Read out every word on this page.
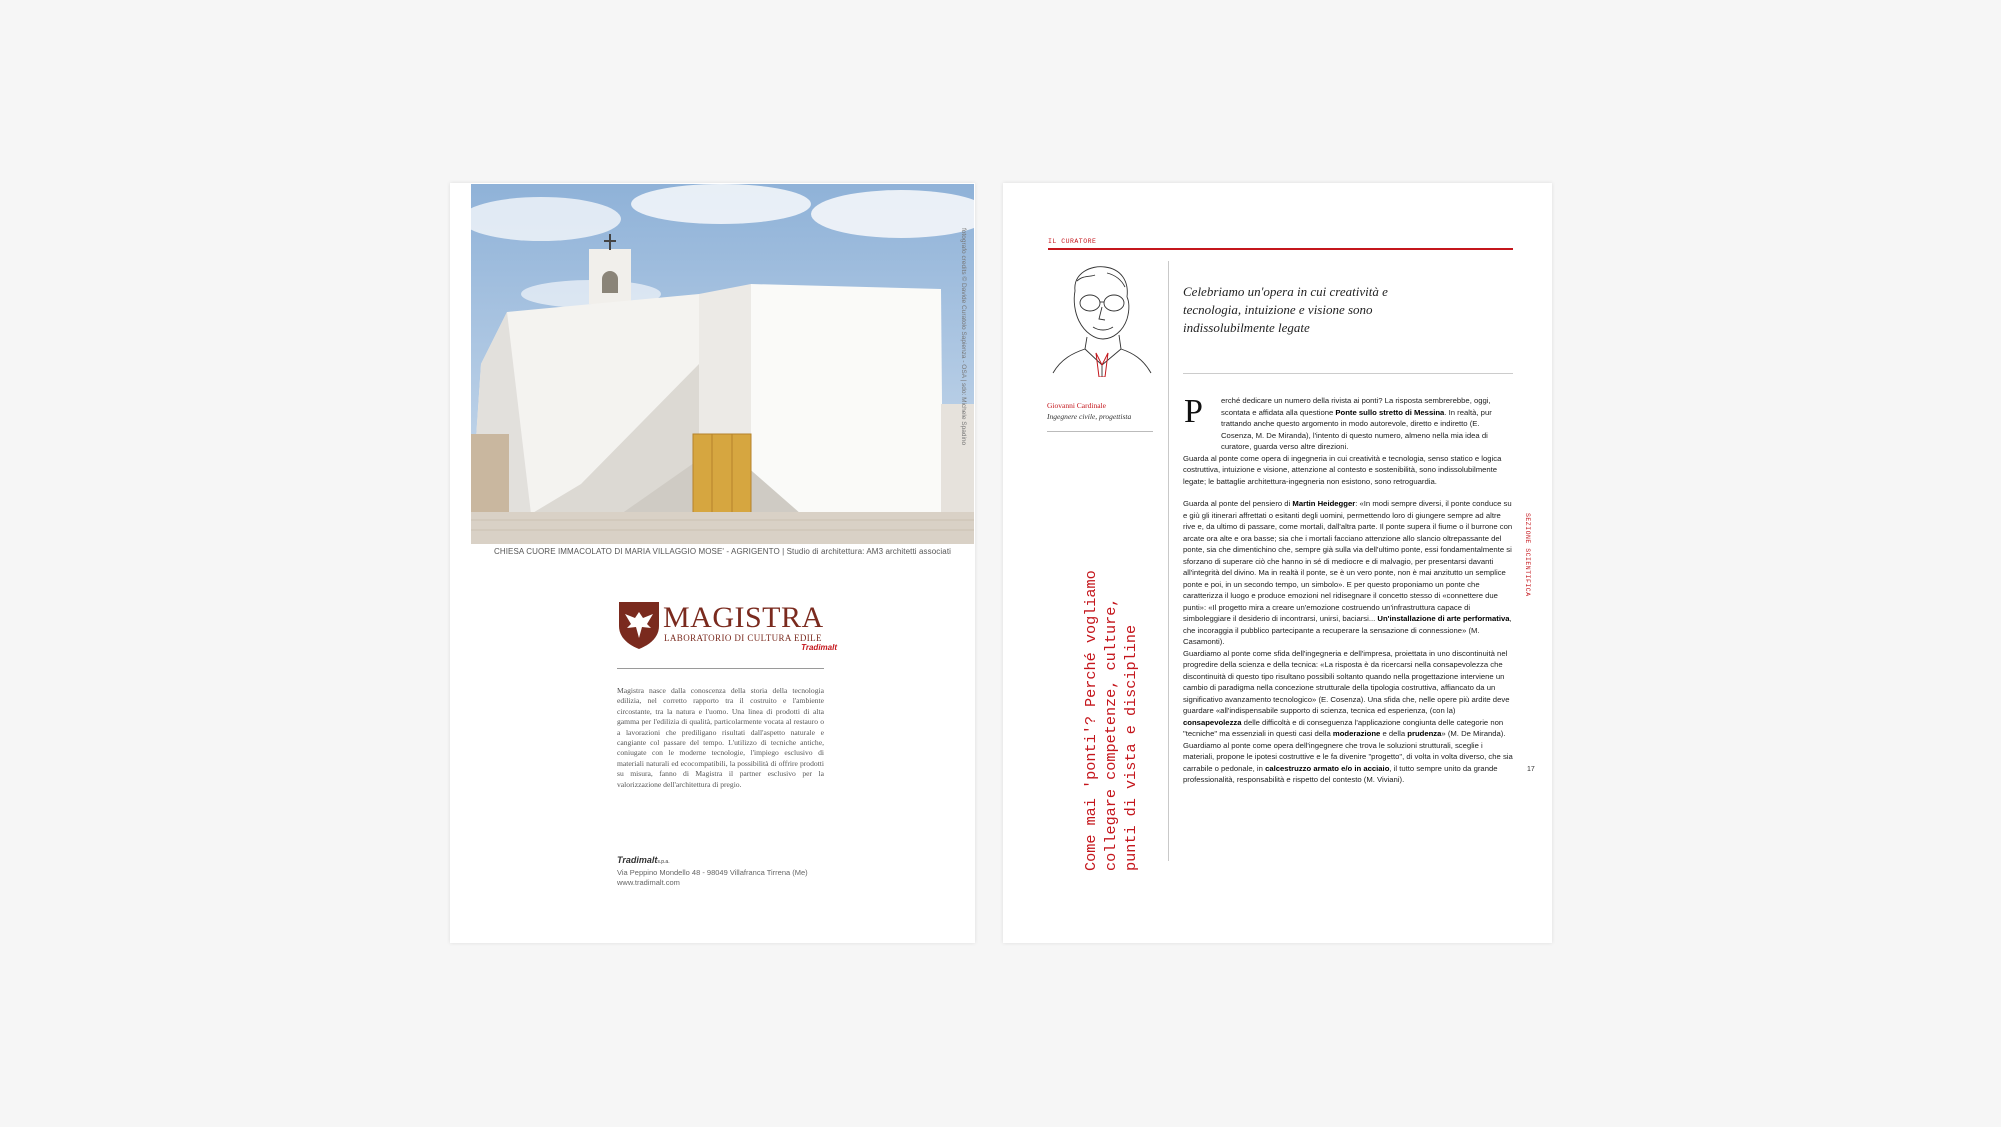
CHIESA CUORE IMMACOLATO DI MARIA VILLAGGIO MOSE' - AGRIGENTO | Studio di architettura: AM3 architetti associati
fotografo credits © Davide Curatolo Sapienza - OSA | sdo: Michele Spadino
MAGISTRA
LABORATORIO DI CULTURA EDILE
Tradimalt

Magistra nasce dalla conoscenza della storia della tecnologia edilizia, nel corretto rapporto tra il costruito e l'ambiente circostante, tra la natura e l'uomo. Una linea di prodotti di alta gamma per l'edilizia di qualità, particolarmente vocata al restauro o a lavorazioni che prediligano risultati dall'aspetto naturale e cangiante col passare del tempo. L'utilizzo di tecniche antiche, coniugate con le moderne tecnologie, l'impiego esclusivo di materiali naturali ed ecocompatibili, la possibilità di offrire prodotti su misura, fanno di Magistra il partner esclusivo per la valorizzazione dell'architettura di pregio.

Tradimalts.p.a.
Via Peppino Mondello 48 - 98049 Villafranca Tirrena (Me)
www.tradimalt.com
IL CURATORE
Giovanni Cardinale
Ingegnere civile, progettista

Celebriamo un'opera in cui creatività e tecnologia, intuizione e visione sono indissolubilmente legate

Come mai 'ponti'? Perché vogliamo collegare competenze, culture, punti di vista e discipline
SEZIONE SCIENTIFICA
17
P	erché dedicare un numero della rivista ai ponti? La risposta sembrerebbe, oggi, scontata e affidata alla questione Ponte sullo stretto di Messina. In realtà, pur trattando anche questo argomento in modo autorevole, diretto e indiretto (E. Cosenza, M. De Miranda), l'intento di questo numero, almeno nella mia idea di curatore, guarda verso altre direzioni.

Guarda al ponte come opera di ingegneria in cui creatività e tecnologia, senso statico e logica costruttiva, intuizione e visione, attenzione al contesto e sostenibilità, sono indissolubilmente legate; le battaglie architettura-ingegneria non esistono, sono retroguardia.

Guarda al ponte del pensiero di Martin Heidegger: «In modi sempre diversi, il ponte conduce su e giù gli itinerari affrettati o esitanti degli uomini, permettendo loro di giungere sempre ad altre rive e, da ultimo di passare, come mortali, dall'altra parte. Il ponte supera il fiume o il burrone con arcate ora alte e ora basse; sia che i mortali facciano attenzione allo slancio oltrepassante del ponte, sia che dimentichino che, sempre già sulla via dell'ultimo ponte, essi fondamentalmente si sforzano di superare ciò che hanno in sé di mediocre e di malvagio, per presentarsi davanti all'integrità del divino. Ma in realtà il ponte, se è un vero ponte, non è mai anzitutto un semplice ponte e poi, in un secondo tempo, un simbolo». E per questo proponiamo un ponte che caratterizza il luogo e produce emozioni nel ridisegnare il concetto stesso di «connettere due punti»: «Il progetto mira a creare un'emozione costruendo un'infrastruttura capace di simboleggiare il desiderio di incontrarsi, unirsi, baciarsi... Un'installazione di arte performativa, che incoraggia il pubblico partecipante a recuperare la sensazione di connessione» (M. Casamonti).

Guardiamo al ponte come sfida dell'ingegneria e dell'impresa, proiettata in uno discontinuità nel progredire della scienza e della tecnica: «La risposta è da ricercarsi nella consapevolezza che discontinuità di questo tipo risultano possibili soltanto quando nella progettazione interviene un cambio di paradigma nella concezione strutturale della tipologia costruttiva, affiancato da un significativo avanzamento tecnologico» (E. Cosenza). Una sfida che, nelle opere più ardite deve guardare «all'indispensabile supporto di scienza, tecnica ed esperienza, (con la) consapevolezza delle difficoltà e di conseguenza l'applicazione congiunta delle categorie non "tecniche" ma essenziali in questi casi della moderazione e della prudenza» (M. De Miranda).

Guardiamo al ponte come opera dell'ingegnere che trova le soluzioni strutturali, sceglie i materiali, propone le ipotesi costruttive e le fa divenire "progetto", di volta in volta diverso, che sia carrabile o pedonale, in calcestruzzo armato e/o in acciaio, il tutto sempre unito da grande professionalità, responsabilità e rispetto del contesto (M. Viviani).
